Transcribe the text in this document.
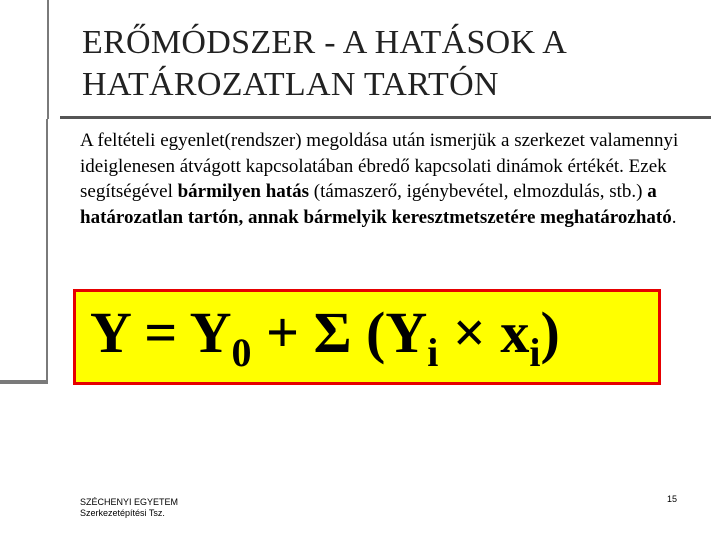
ERŐMÓDSZER - A HATÁSOK A HATÁROZATLAN TARTÓN
A feltételi egyenlet(rendszer) megoldása után ismerjük a szerkezet valamennyi ideiglenesen átvágott kapcsolatában ébredő kapcsolati dinámok értékét. Ezek segítségével bármilyen hatás (támaszerő, igénybevétel, elmozdulás, stb.) a határozatlan tartón, annak bármelyik keresztmetszetére meghatározható.
$Y = Y_0 + \Sigma$ $(Y_i \times x_i)$
SZÉCHENYI EGYETEM
Szerkezetépítési Tsz.
15
